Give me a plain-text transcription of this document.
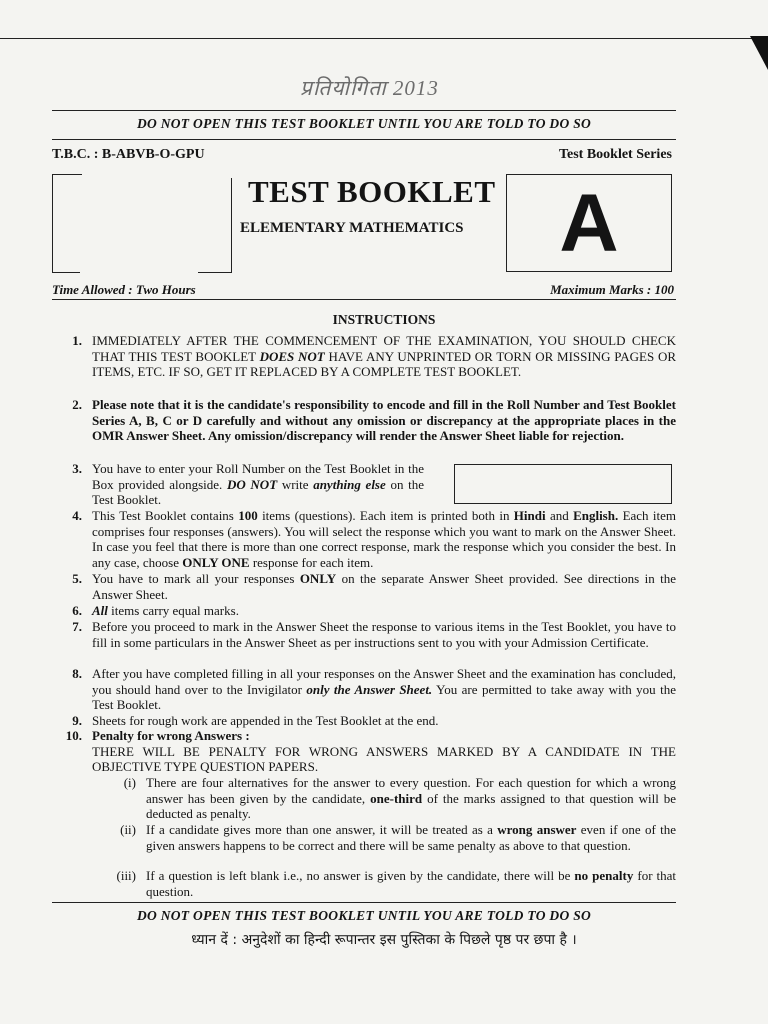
प्रतियोगिता 2013
DO NOT OPEN THIS TEST BOOKLET UNTIL YOU ARE TOLD TO DO SO
T.B.C. : B-ABVB-O-GPU	Test Booklet Series
TEST BOOKLET
ELEMENTARY MATHEMATICS	A
Time Allowed : Two Hours	Maximum Marks : 100
INSTRUCTIONS
1. IMMEDIATELY AFTER THE COMMENCEMENT OF THE EXAMINATION, YOU SHOULD CHECK THAT THIS TEST BOOKLET DOES NOT HAVE ANY UNPRINTED OR TORN OR MISSING PAGES OR ITEMS, ETC. IF SO, GET IT REPLACED BY A COMPLETE TEST BOOKLET.
2. Please note that it is the candidate's responsibility to encode and fill in the Roll Number and Test Booklet Series A, B, C or D carefully and without any omission or discrepancy at the appropriate places in the OMR Answer Sheet. Any omission/discrepancy will render the Answer Sheet liable for rejection.
3. You have to enter your Roll Number on the Test Booklet in the Box provided alongside. DO NOT write anything else on the Test Booklet.
4. This Test Booklet contains 100 items (questions). Each item is printed both in Hindi and English. Each item comprises four responses (answers). You will select the response which you want to mark on the Answer Sheet. In case you feel that there is more than one correct response, mark the response which you consider the best. In any case, choose ONLY ONE response for each item.
5. You have to mark all your responses ONLY on the separate Answer Sheet provided. See directions in the Answer Sheet.
6. All items carry equal marks.
7. Before you proceed to mark in the Answer Sheet the response to various items in the Test Booklet, you have to fill in some particulars in the Answer Sheet as per instructions sent to you with your Admission Certificate.
8. After you have completed filling in all your responses on the Answer Sheet and the examination has concluded, you should hand over to the Invigilator only the Answer Sheet. You are permitted to take away with you the Test Booklet.
9. Sheets for rough work are appended in the Test Booklet at the end.
10. Penalty for wrong Answers :
THERE WILL BE PENALTY FOR WRONG ANSWERS MARKED BY A CANDIDATE IN THE OBJECTIVE TYPE QUESTION PAPERS.
(i) There are four alternatives for the answer to every question. For each question for which a wrong answer has been given by the candidate, one-third of the marks assigned to that question will be deducted as penalty.
(ii) If a candidate gives more than one answer, it will be treated as a wrong answer even if one of the given answers happens to be correct and there will be same penalty as above to that question.
(iii) If a question is left blank i.e., no answer is given by the candidate, there will be no penalty for that question.
DO NOT OPEN THIS TEST BOOKLET UNTIL YOU ARE TOLD TO DO SO
ध्यान दें : अनुदेशों का हिन्दी रूपान्तर इस पुस्तिका के पिछले पृष्ठ पर छपा है ।
